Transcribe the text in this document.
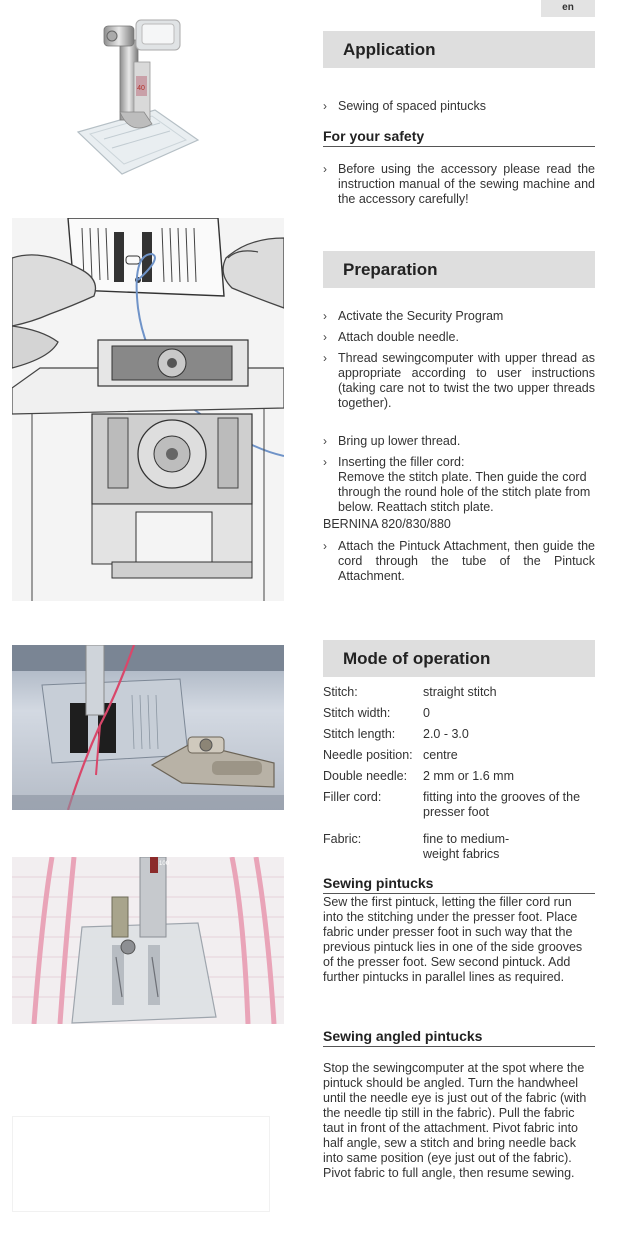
en
40
100
Application
› Sewing of spaced pintucks
For your safety
› Before using the accessory please read the instruction manual of the sewing machine and the accessory carefully!
Preparation
› Activate the Security Program
› Attach double needle.
› Thread sewingcomputer with upper thread as appropriate according to user instructions (taking care not to twist the two upper threads together).
› Bring up lower thread.
› Inserting the filler cord:
Remove the stitch plate. Then guide the cord through the round hole of the stitch plate from below. Reattach stitch plate.
BERNINA 820/830/880
› Attach the Pintuck Attachment, then guide the cord through the tube of the Pintuck Attachment.
Mode of operation
Stitch:	straight stitch
Stitch width:	0
Stitch length:	2.0 - 3.0
Needle position: centre
Double needle:	2 mm or 1.6 mm
Filler cord:	fitting into the grooves of the presser foot
Fabric:	fine to medium-weight fabrics
Sewing pintucks
Sew the first pintuck, letting the filler cord run into the stitching under the presser foot. Place fabric under presser foot in such way that the previous pintuck lies in one of the side grooves of the presser foot. Sew second pintuck. Add further pintucks in parallel lines as required.
Sewing angled pintucks
Stop the sewingcomputer at the spot where the pintuck should be angled. Turn the handwheel until the needle eye is just out of the fabric (with the needle tip still in the fabric). Pull the fabric taut in front of the attachment. Pivot fabric into half angle, sew a stitch and bring needle back into same position (eye just out of the fabric). Pivot fabric to full angle, then resume sewing.
